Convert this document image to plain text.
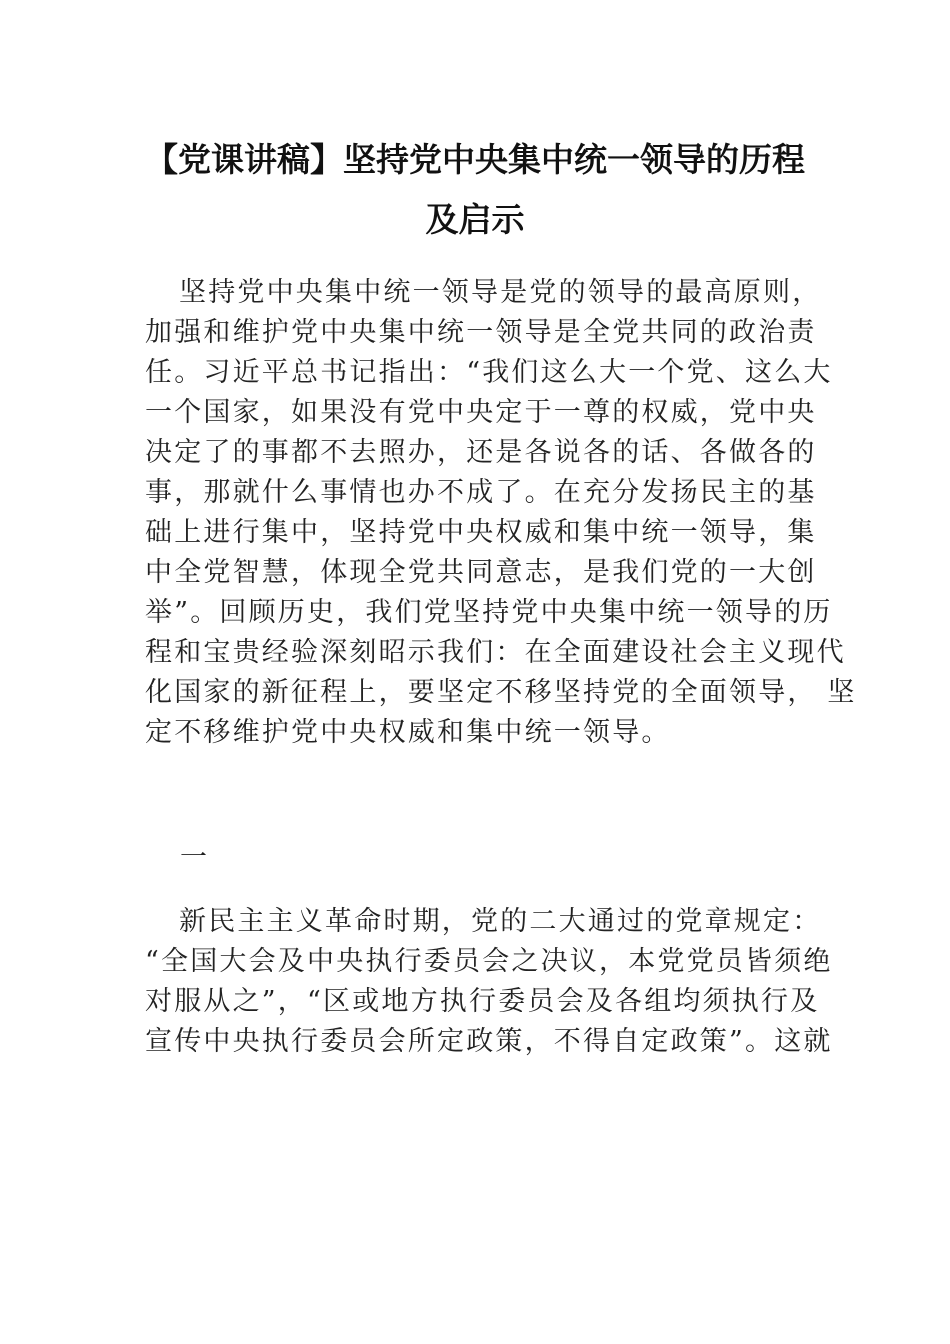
【党课讲稿】坚持党中央集中统一领导的历程
及启示
坚持党中央集中统一领导是党的领导的最高原则，
加强和维护党中央集中统一领导是全党共同的政治责
任。习近平总书记指出：“我们这么大一个党、这么大
一个国家，如果没有党中央定于一尊的权威，党中央
决定了的事都不去照办，还是各说各的话、各做各的
事，那就什么事情也办不成了。在充分发扬民主的基
础上进行集中，坚持党中央权威和集中统一领导，集
中全党智慧，体现全党共同意志，是我们党的一大创
举”。回顾历史，我们党坚持党中央集中统一领导的历
程和宝贵经验深刻昭示我们：在全面建设社会主义现代
化国家的新征程上，要坚定不移坚持党的全面领导， 坚
定不移维护党中央权威和集中统一领导。
一
新民主主义革命时期，党的二大通过的党章规定：
“全国大会及中央执行委员会之决议，本党党员皆须绝
对服从之”，“区或地方执行委员会及各组均须执行及
宣传中央执行委员会所定政策，不得自定政策”。这就
